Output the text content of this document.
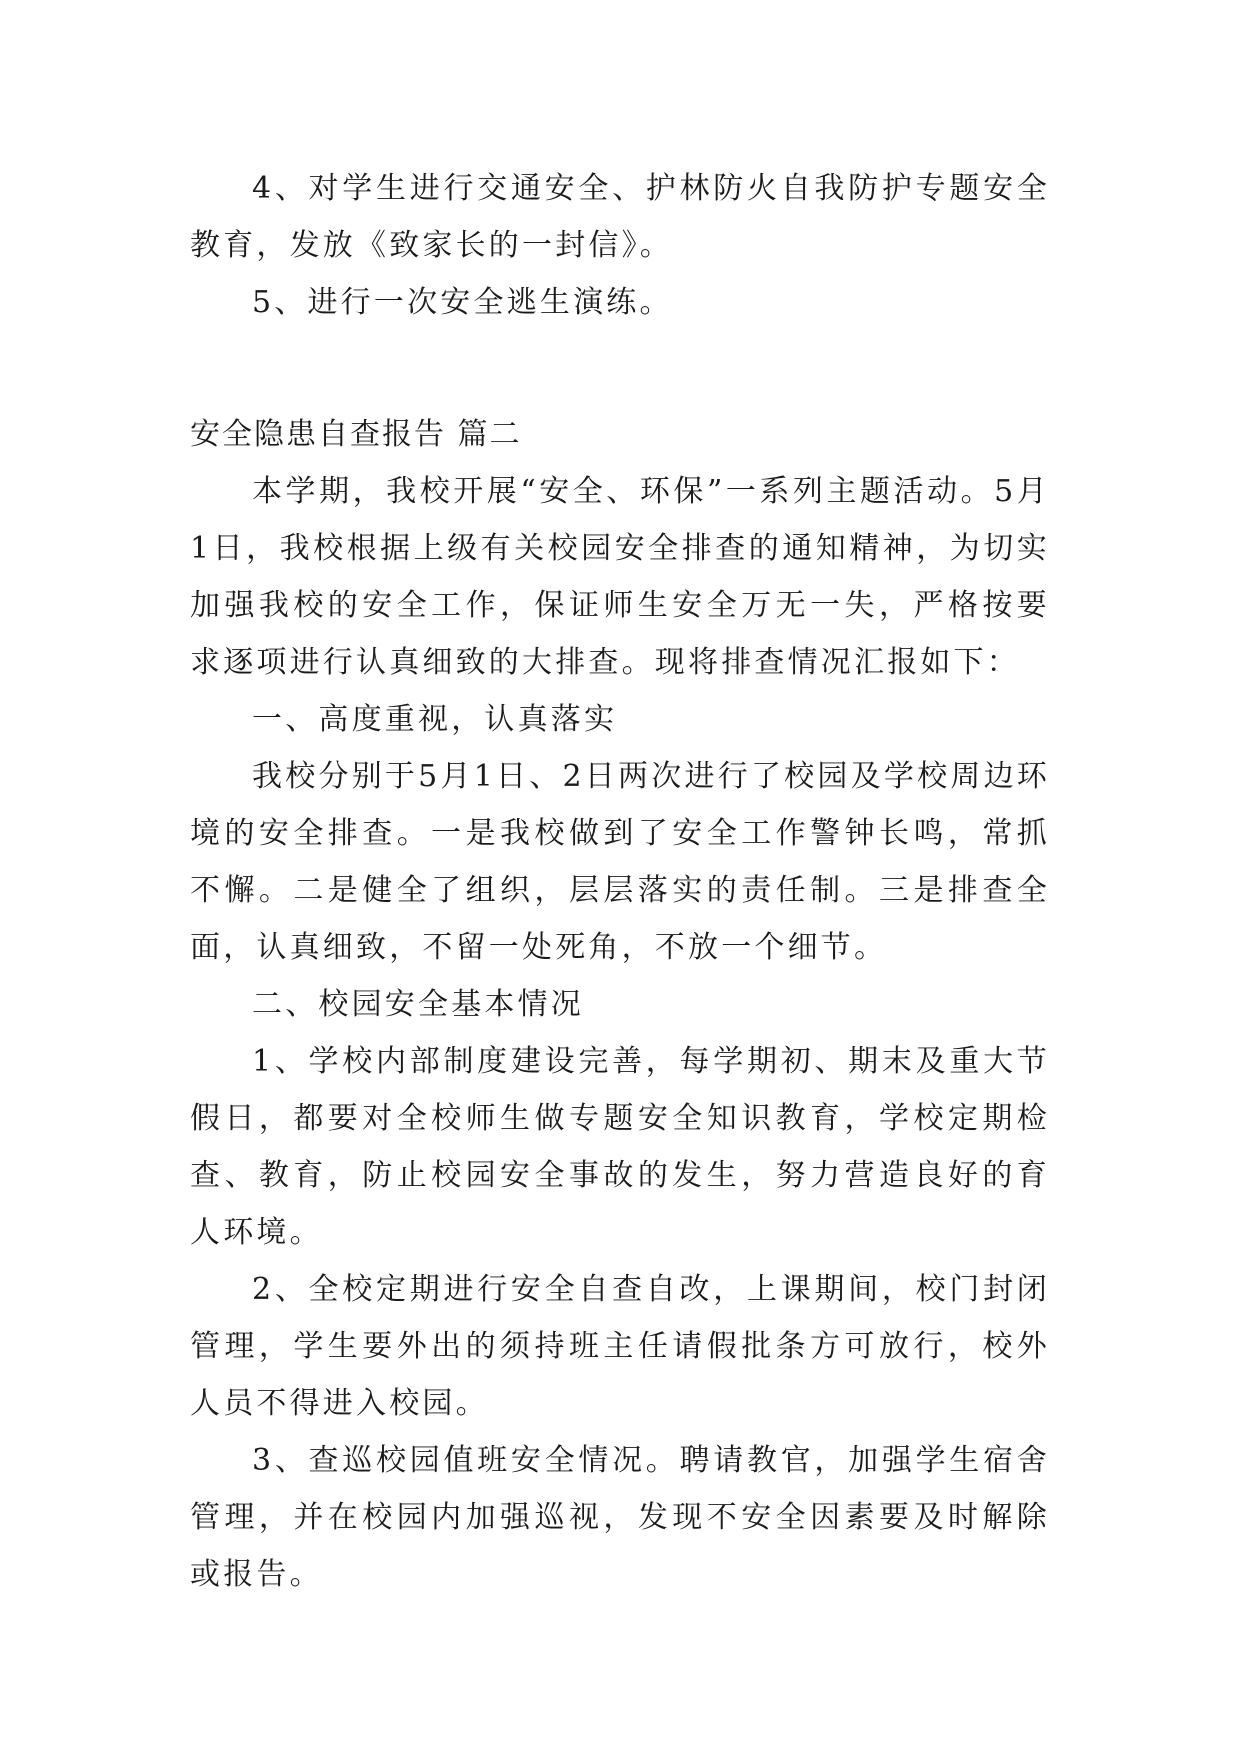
4、对学生进行交通安全、护林防火自我防护专题安全教育，发放《致家长的一封信》。

5、进行一次安全逃生演练。

安全隐患自查报告 篇二

本学期，我校开展“安全、环保”一系列主题活动。5月1日，我校根据上级有关校园安全排查的通知精神，为切实加强我校的安全工作，保证师生安全万无一失，严格按要求逐项进行认真细致的大排查。现将排查情况汇报如下：

一、高度重视，认真落实

我校分别于5月1日、2日两次进行了校园及学校周边环境的安全排查。一是我校做到了安全工作警钟长鸣，常抓不懈。二是健全了组织，层层落实的责任制。三是排查全面，认真细致，不留一处死角，不放一个细节。

二、校园安全基本情况

1、学校内部制度建设完善，每学期初、期末及重大节假日，都要对全校师生做专题安全知识教育，学校定期检查、教育，防止校园安全事故的发生，努力营造良好的育人环境。

2、全校定期进行安全自查自改，上课期间，校门封闭管理，学生要外出的须持班主任请假批条方可放行，校外人员不得进入校园。

3、查巡校园值班安全情况。聘请教官，加强学生宿舍管理，并在校园内加强巡视，发现不安全因素要及时解除或报告。
